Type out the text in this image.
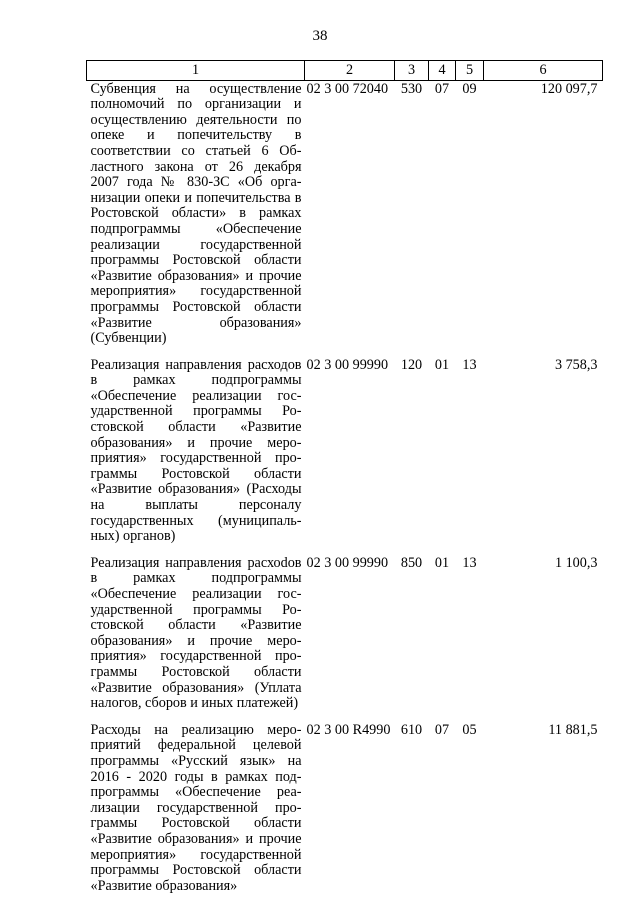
38
1	2	3	4	5	6
Субвенция на осуществление полномочий по организации и осуществлению деятельности по опеке и попечительству в соответствии со статьей 6 Областного закона от 26 декабря 2007 года № 830-ЗС «Об организации опеки и попечительства в Ростовской области» в рамках подпрограммы «Обеспечение реализации государственной программы Ростовской области «Развитие образования» и прочие мероприятия» государственной программы Ростовской области «Развитие образования» (Субвенции)	02 3 00 72040	530	07	09	120 097,7
Реализация направления расходов в рамках подпрограммы «Обеспечение реализации государственной программы Ростовской области «Развитие образования» и прочие мероприятия» государственной программы Ростовской области «Развитие образования» (Расходы на выплаты персоналу государственных (муниципальных) органов)	02 3 00 99990	120	01	13	3 758,3
Реализация направления расхоdов в рамках подпрограммы «Обеспечение реализации государственной программы Ростовской области «Развитие образования» и прочие мероприятия» государственной программы Ростовской области «Развитие образования» (Уплата налогов, сборов и иных платежей)	02 3 00 99990	850	01	13	1 100,3
Расходы на реализацию мероприятий федеральной целевой программы «Русский язык» на 2016 - 2020 годы в рамках подпрограммы «Обеспечение реализации государственной программы Ростовской области «Развитие образования» и прочие мероприятия» государственной программы Ростовской области «Развитие образования»	02 3 00 R4990	610	07	05	11 881,5
